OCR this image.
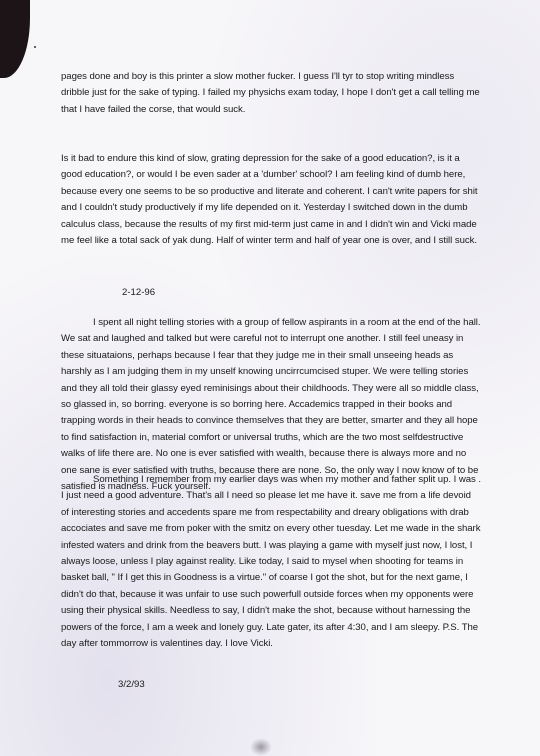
pages done and boy is this printer a slow mother fucker. I guess I'll tyr to stop writing mindless dribble just for the sake of typing. I failed my physichs exam today, I hope I don't get a call telling me that I have failed the corse, that would suck.

Is it bad to endure this kind of slow, grating depression for the sake of a good education?, is it a good education?, or would I be even sader at a 'dumber' school? I am feeling kind of dumb here, because every one seems to be so productive and literate and coherent. I can't write papers for shit and I couldn't study productively if my life depended on it. Yesterday I switched down in the dumb calculus class, because the results of my first mid-term just came in and I didn't win and Vicki made me feel like a total sack of yak dung. Half of winter term and half of year one is over, and I still suck.

2-12-96

I spent all night telling stories with a group of fellow aspirants in a room at the end of the hall. We sat and laughed and talked but were careful not to interrupt one another. I still feel uneasy in these situataions, perhaps because I fear that they judge me in their small unseeing heads as harshly as I am judging them in my unself knowing uncirrcumcised stuper. We were telling stories and they all told their glassy eyed reminisings about their childhoods. They were all so middle class, so glassed in, so borring. everyone is so borring here. Accademics trapped in their books and trapping words in their heads to convince themselves that they are better, smarter and they all hope to find satisfaction in, material comfort or universal truths, which are the two most selfdestructive walks of life there are. No one is ever satisfied with wealth, because there is always more and no one sane is ever satisfied with truths, because there are none. So, the only way I now know of to be satisfied is madness. Fuck yourself.

Something I remember from my earlier days was when my mother and father split up. I was . I just need a good adventure. That's all I need so please let me have it. save me from a life devoid of interesting stories and accedents spare me from respectability and dreary obligations with drab accociates and save me from poker with the smitz on every other tuesday. Let me wade in the shark infested waters and drink from the beavers butt. I was playing a game with myself just now, I lost, I always loose, unless I play against reality. Like today, I said to mysel when shooting for teams in basket ball, " If I get this in Goodness is a virtue." of coarse I got the shot, but for the next game, I didn't do that, because it was unfair to use such powerfull outside forces when my opponents were using their physical skills. Needless to say, I didn't make the shot, because without harnessing the powers of the force, I am a week and lonely guy. Late gater, its after 4:30, and I am sleepy. P.S. The day after tommorrow is valentines day. I love Vicki.

3/2/93
